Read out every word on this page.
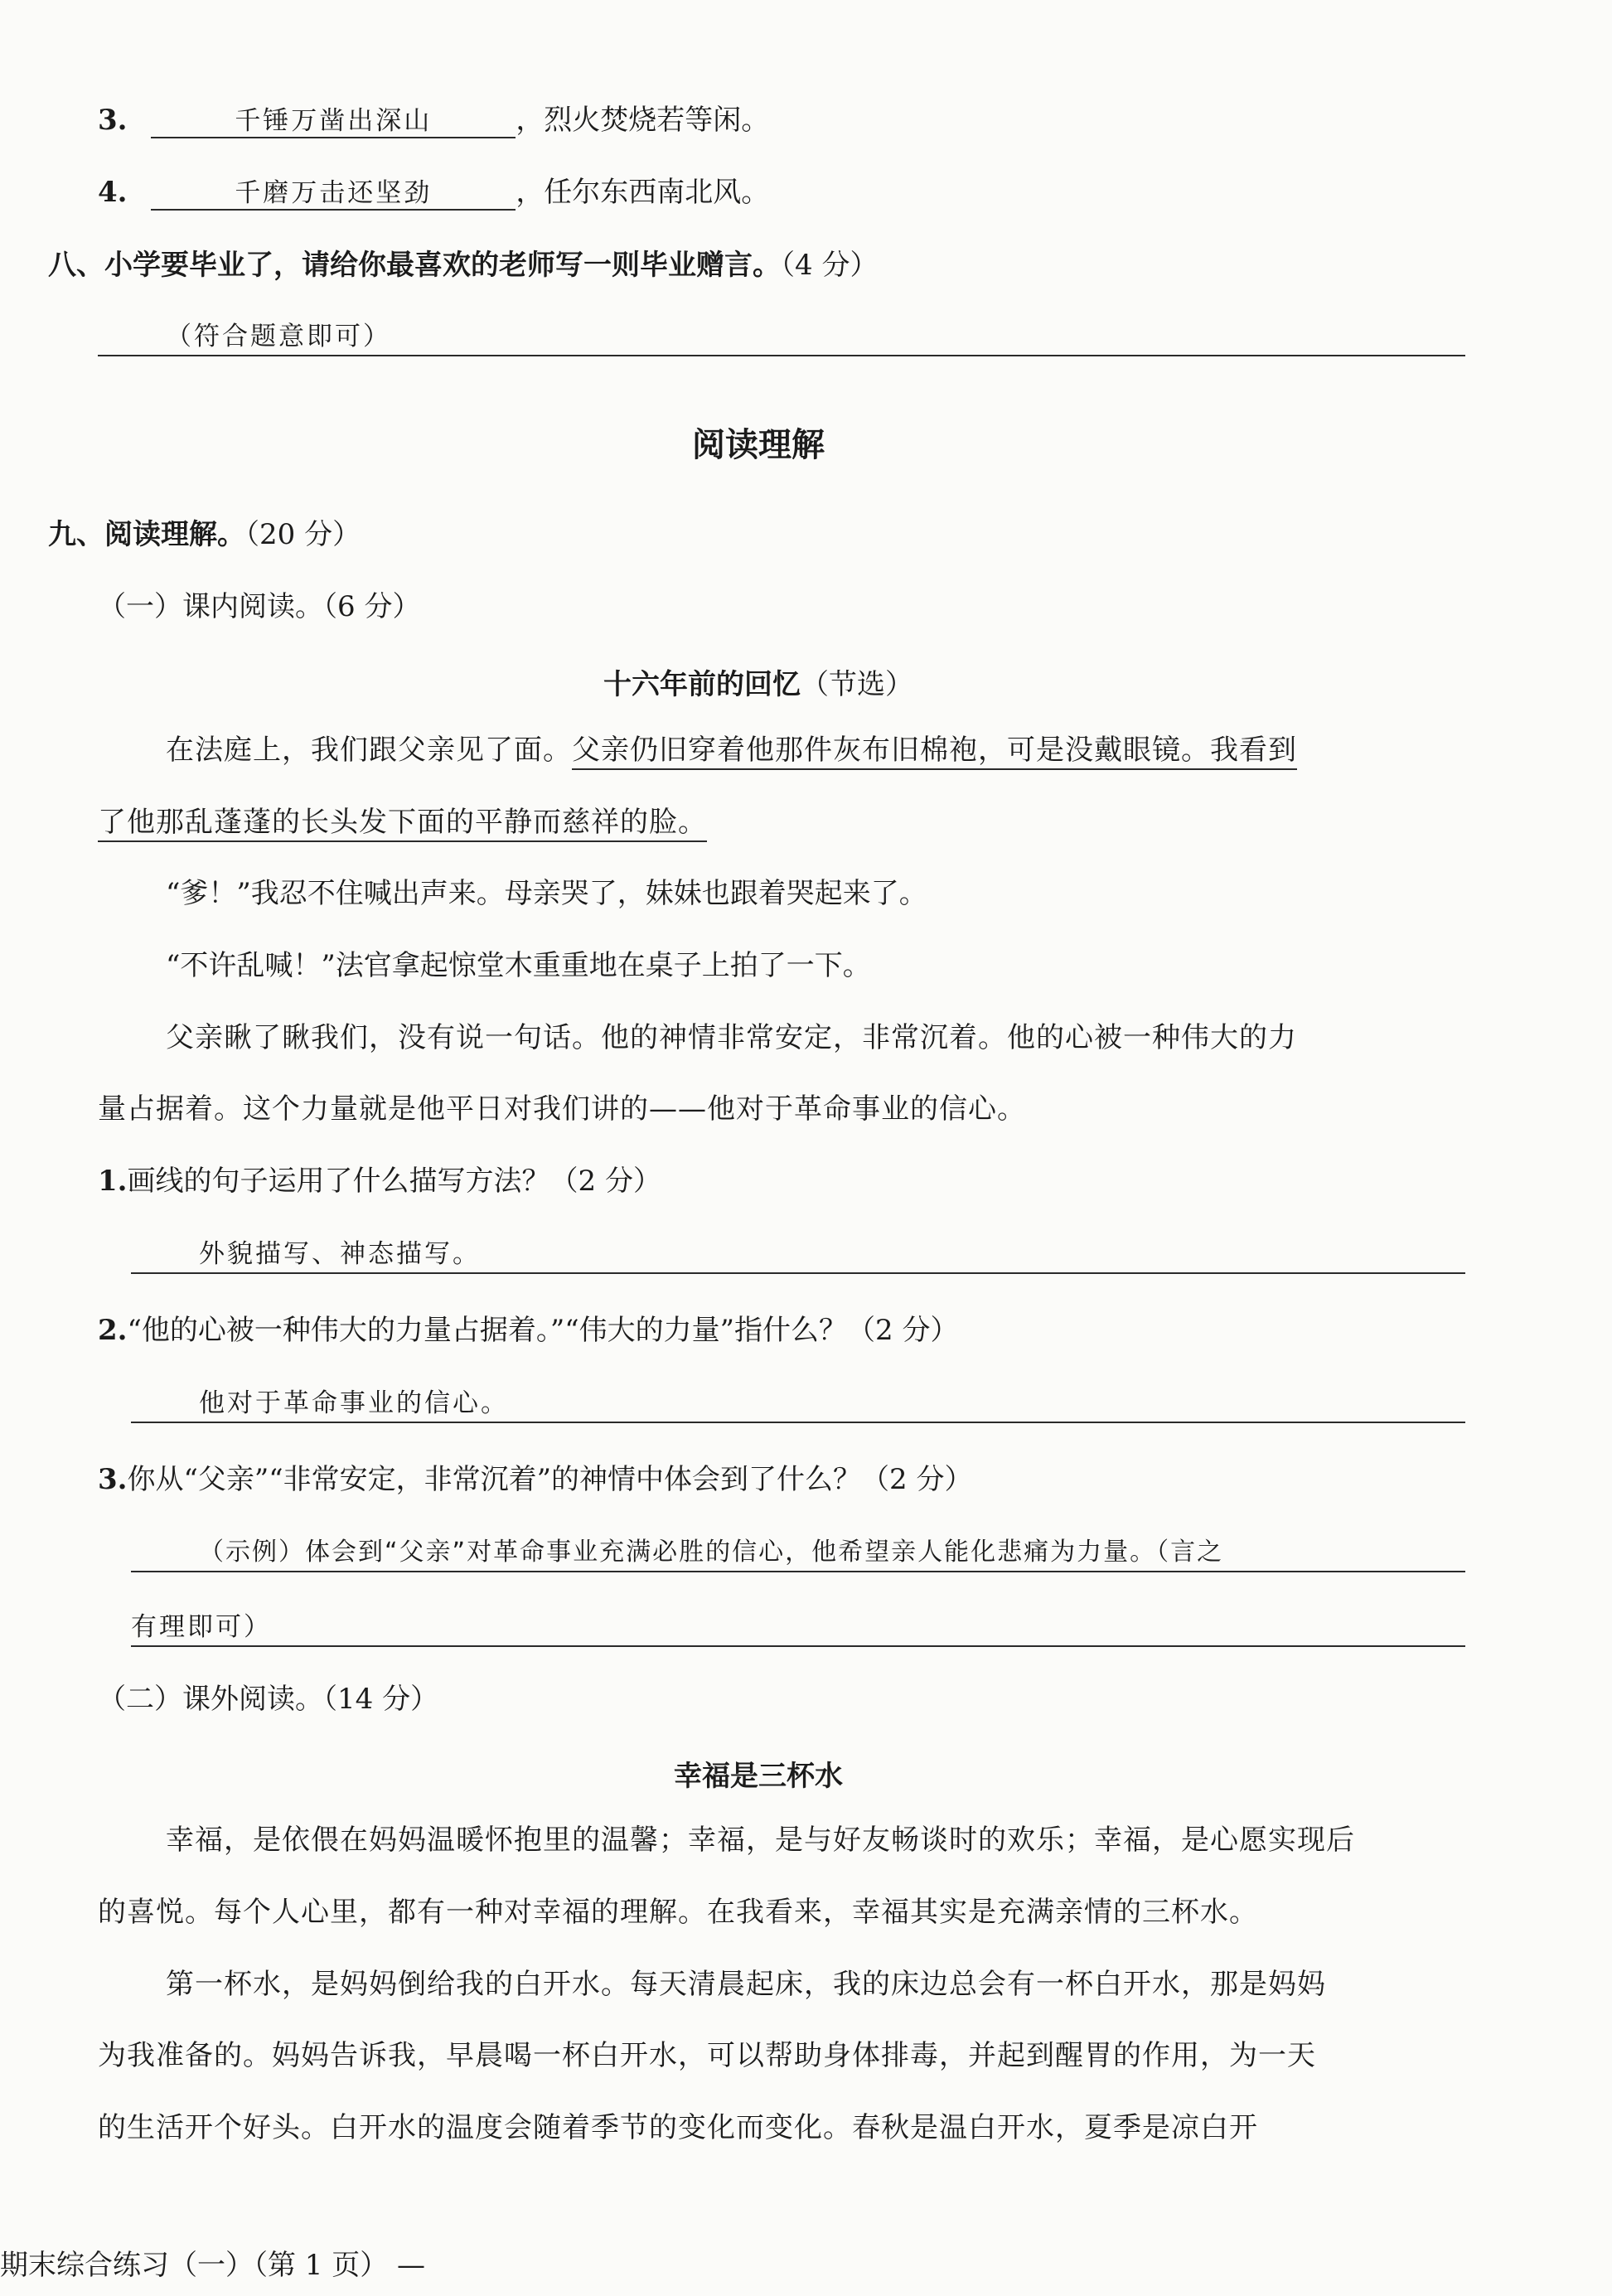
3.	千锤万凿出深山	，烈火焚烧若等闲。
4.	千磨万击还坚劲	，任尔东西南北风。
八、小学要毕业了，请给你最喜欢的老师写一则毕业赠言。（4 分）
（符合题意即可）
阅读理解
九、阅读理解。（20 分）
（一）课内阅读。（6 分）
十六年前的回忆（节选）
在法庭上，我们跟父亲见了面。父亲仍旧穿着他那件灰布旧棉袍，可是没戴眼镜。我看到
了他那乱蓬蓬的长头发下面的平静而慈祥的脸。
“爹！”我忍不住喊出声来。母亲哭了，妹妹也跟着哭起来了。
“不许乱喊！”法官拿起惊堂木重重地在桌子上拍了一下。
父亲瞅了瞅我们，没有说一句话。他的神情非常安定，非常沉着。他的心被一种伟大的力
量占据着。这个力量就是他平日对我们讲的——他对于革命事业的信心。
1.画线的句子运用了什么描写方法？（2 分）
外貌描写、神态描写。
2.“他的心被一种伟大的力量占据着。”“伟大的力量”指什么？（2 分）
他对于革命事业的信心。
3.你从“父亲”“非常安定，非常沉着”的神情中体会到了什么？（2 分）
（示例）体会到“父亲”对革命事业充满必胜的信心，他希望亲人能化悲痛为力量。（言之
有理即可）
（二）课外阅读。（14 分）
幸福是三杯水
幸福，是依偎在妈妈温暖怀抱里的温馨；幸福，是与好友畅谈时的欢乐；幸福，是心愿实现后
的喜悦。每个人心里，都有一种对幸福的理解。在我看来，幸福其实是充满亲情的三杯水。
第一杯水，是妈妈倒给我的白开水。每天清晨起床，我的床边总会有一杯白开水，那是妈妈
为我准备的。妈妈告诉我，早晨喝一杯白开水，可以帮助身体排毒，并起到醒胃的作用，为一天
的生活开个好头。白开水的温度会随着季节的变化而变化。春秋是温白开水，夏季是凉白开
期末综合练习（一）（第 1 页） —
